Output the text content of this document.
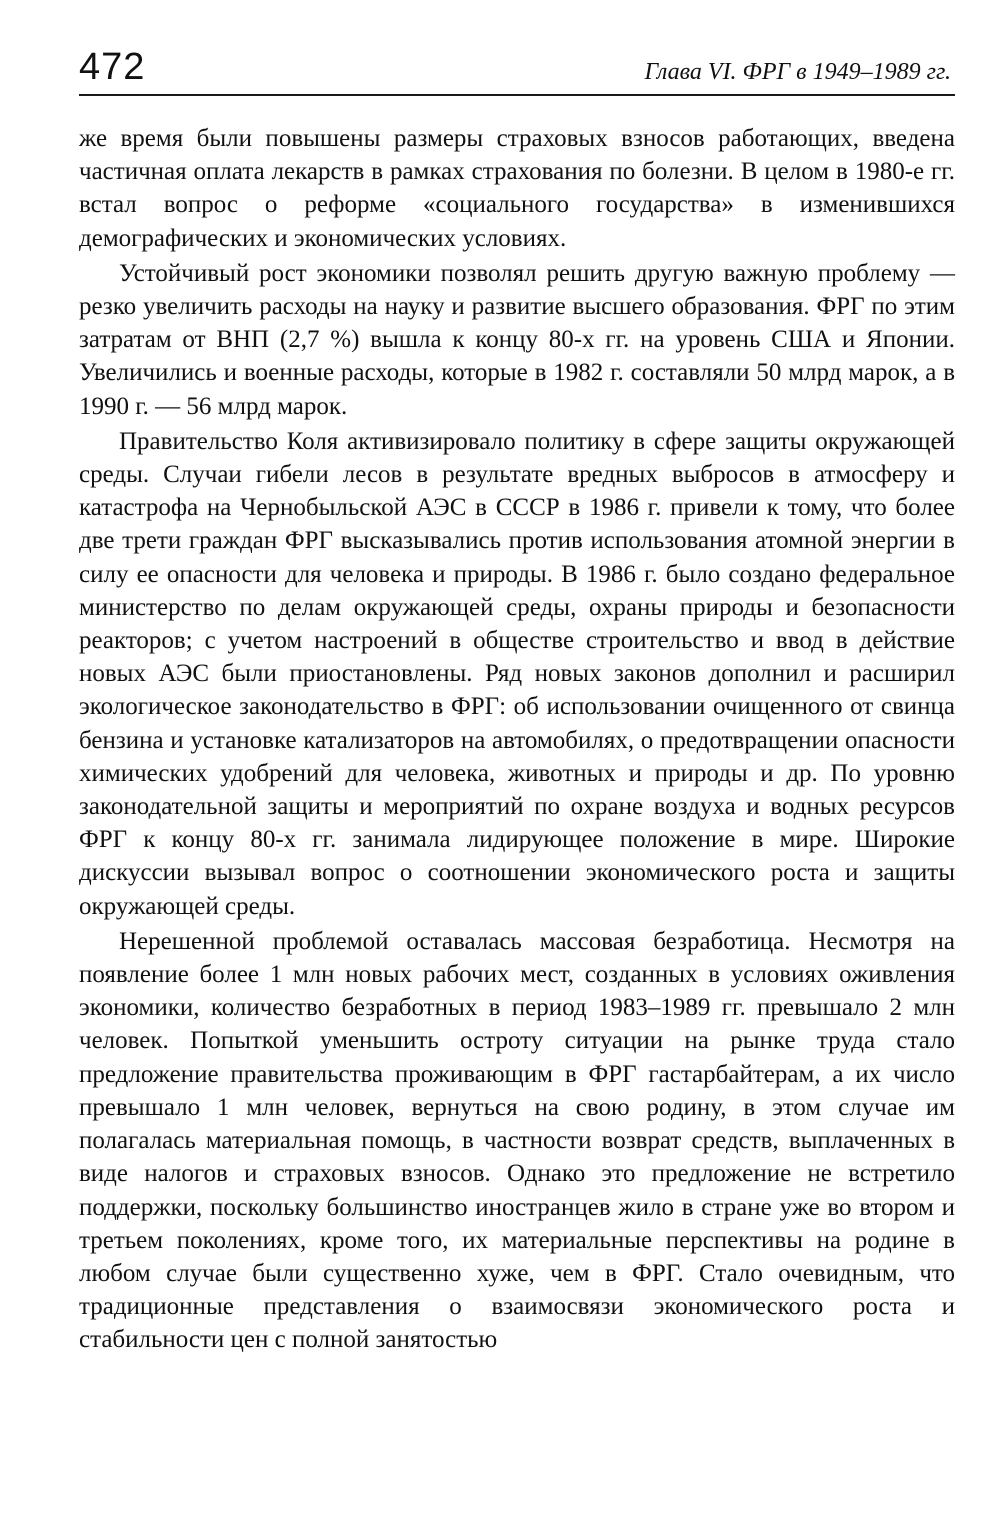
472	Глава VI. ФРГ в 1949–1989 гг.

же время были повышены размеры страховых взносов работающих, введена частичная оплата лекарств в рамках страхования по болезни. В целом в 1980-е гг. встал вопрос о реформе «социального государства» в изменившихся демографических и экономических условиях.

Устойчивый рост экономики позволял решить другую важную проблему — резко увеличить расходы на науку и развитие высшего образования. ФРГ по этим затратам от ВНП (2,7 %) вышла к концу 80-х гг. на уровень США и Японии. Увеличились и военные расходы, которые в 1982 г. составляли 50 млрд марок, а в 1990 г. — 56 млрд марок.

Правительство Коля активизировало политику в сфере защиты окружающей среды. Случаи гибели лесов в результате вредных выбросов в атмосферу и катастрофа на Чернобыльской АЭС в СССР в 1986 г. привели к тому, что более две трети граждан ФРГ высказывались против использования атомной энергии в силу ее опасности для человека и природы. В 1986 г. было создано федеральное министерство по делам окружающей среды, охраны природы и безопасности реакторов; с учетом настроений в обществе строительство и ввод в действие новых АЭС были приостановлены. Ряд новых законов дополнил и расширил экологическое законодательство в ФРГ: об использовании очищенного от свинца бензина и установке катализаторов на автомобилях, о предотвращении опасности химических удобрений для человека, животных и природы и др. По уровню законодательной защиты и мероприятий по охране воздуха и водных ресурсов ФРГ к концу 80-х гг. занимала лидирующее положение в мире. Широкие дискуссии вызывал вопрос о соотношении экономического роста и защиты окружающей среды.

Нерешенной проблемой оставалась массовая безработица. Несмотря на появление более 1 млн новых рабочих мест, созданных в условиях оживления экономики, количество безработных в период 1983–1989 гг. превышало 2 млн человек. Попыткой уменьшить остроту ситуации на рынке труда стало предложение правительства проживающим в ФРГ гастарбайтерам, а их число превышало 1 млн человек, вернуться на свою родину, в этом случае им полагалась материальная помощь, в частности возврат средств, выплаченных в виде налогов и страховых взносов. Однако это предложение не встретило поддержки, поскольку большинство иностранцев жило в стране уже во втором и третьем поколениях, кроме того, их материальные перспективы на родине в любом случае были существенно хуже, чем в ФРГ. Стало очевидным, что традиционные представления о взаимосвязи экономического роста и стабильности цен с полной занятостью
